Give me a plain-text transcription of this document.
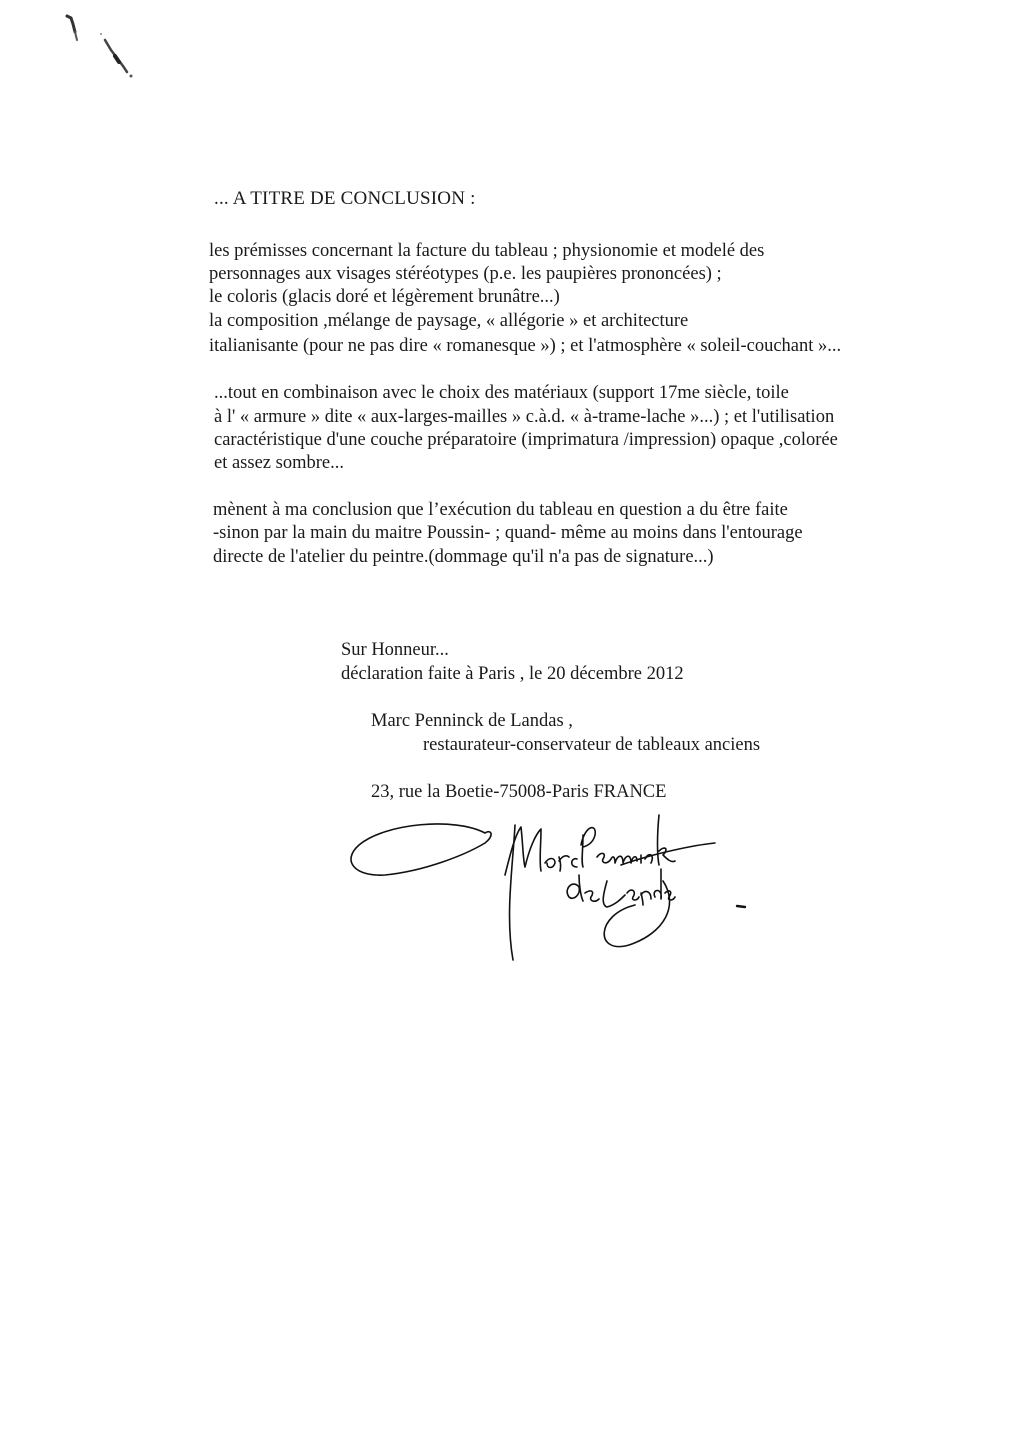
... A TITRE DE CONCLUSION :
les prémisses concernant la facture du tableau ; physionomie et modelé des
personnages aux visages stéréotypes (p.e. les paupières prononcées) ;
le coloris (glacis doré et légèrement brunâtre...)
la composition ,mélange de paysage, « allégorie » et architecture
italianisante (pour ne pas dire « romanesque ») ; et l'atmosphère « soleil-couchant »...
...tout en combinaison avec le choix des matériaux (support 17me siècle, toile
à l' « armure » dite « aux-larges-mailles » c.à.d. « à-trame-lache »...) ; et l'utilisation
caractéristique d'une couche préparatoire (imprimatura /impression) opaque ,colorée
et assez sombre...
mènent à ma conclusion que l’exécution du tableau en question a du être faite
-sinon par la main du maitre Poussin- ; quand- même au moins dans l'entourage
directe de l'atelier du peintre.(dommage qu'il n'a pas de signature...)
Sur Honneur...
déclaration faite à Paris , le 20 décembre 2012
Marc Penninck de Landas ,
restaurateur-conservateur de tableaux anciens
23, rue la Boetie-75008-Paris FRANCE
